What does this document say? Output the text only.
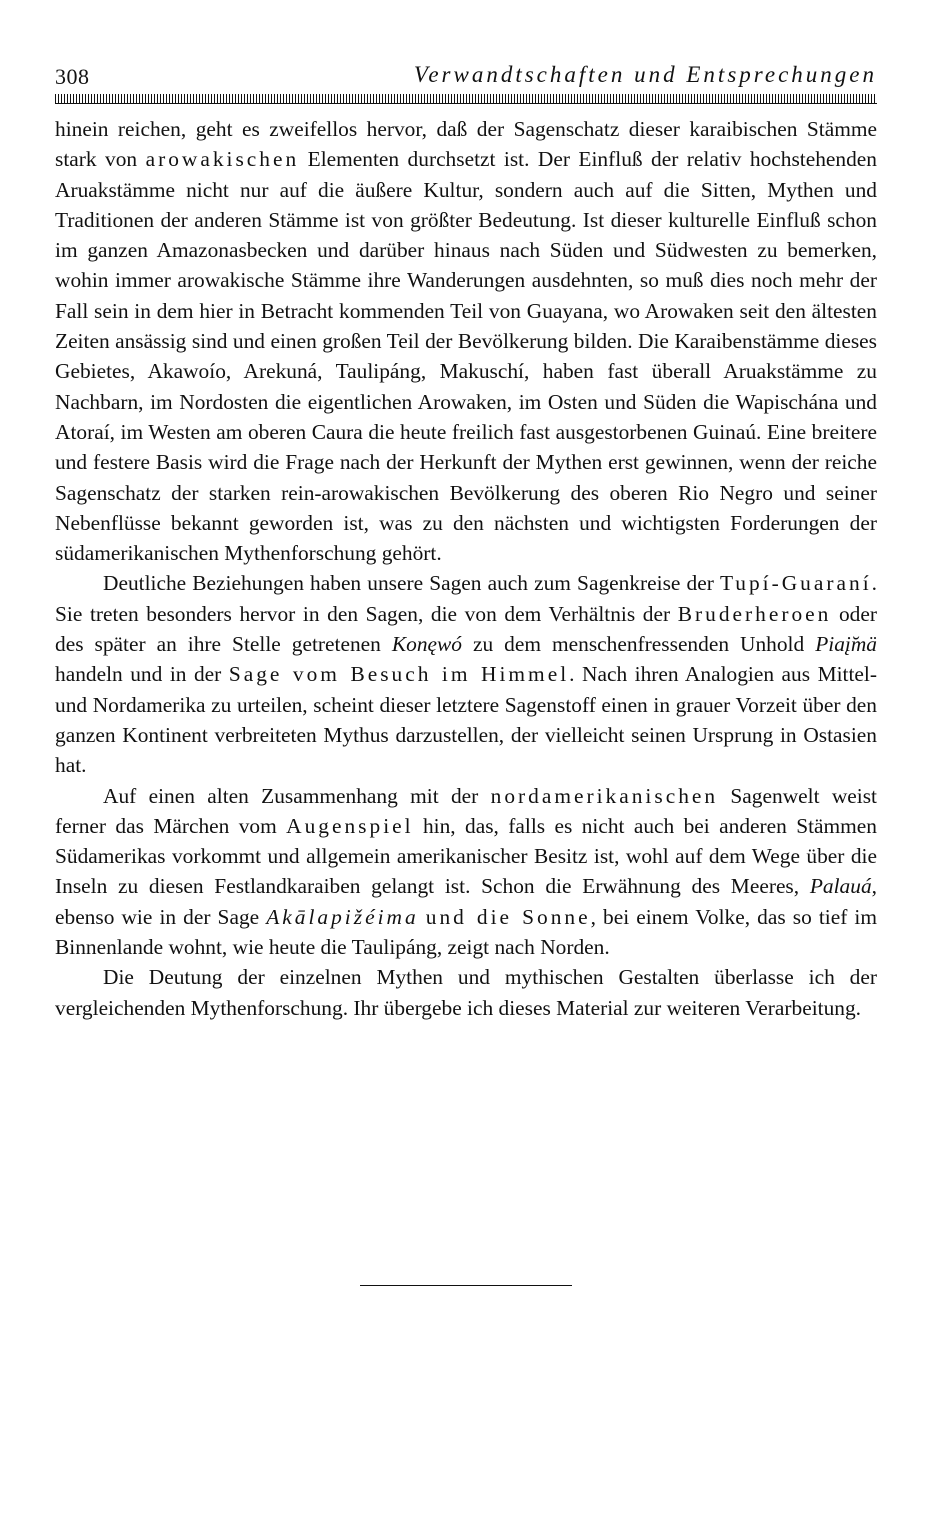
308	Verwandtschaften und Entsprechungen

hinein reichen, geht es zweifellos hervor, daß der Sagenschatz dieser karaibischen Stämme stark von arowakischen Elementen durchsetzt ist. Der Einfluß der relativ hochstehenden Aruakstämme nicht nur auf die äußere Kultur, sondern auch auf die Sitten, Mythen und Traditionen der anderen Stämme ist von größter Bedeutung. Ist dieser kulturelle Einfluß schon im ganzen Amazonasbecken und darüber hinaus nach Süden und Südwesten zu bemerken, wohin immer arowakische Stämme ihre Wanderungen ausdehnten, so muß dies noch mehr der Fall sein in dem hier in Betracht kommenden Teil von Guayana, wo Arowaken seit den ältesten Zeiten ansässig sind und einen großen Teil der Bevölkerung bilden. Die Karaibenstämme dieses Gebietes, Akawoío, Arekuná, Taulipáng, Makuschí, haben fast überall Aruakstämme zu Nachbarn, im Nordosten die eigentlichen Arowaken, im Osten und Süden die Wapischána und Atoraí, im Westen am oberen Caura die heute freilich fast ausgestorbenen Guinaú. Eine breitere und festere Basis wird die Frage nach der Herkunft der Mythen erst gewinnen, wenn der reiche Sagenschatz der starken rein-arowakischen Bevölkerung des oberen Rio Negro und seiner Nebenflüsse bekannt geworden ist, was zu den nächsten und wichtigsten Forderungen der südamerikanischen Mythenforschung gehört.

Deutliche Beziehungen haben unsere Sagen auch zum Sagenkreise der Tupí-Guaraní. Sie treten besonders hervor in den Sagen, die von dem Verhältnis der Bruderheroen oder des später an ihre Stelle getretenen Konęwó zu dem menschenfressenden Unhold Piaį̆mä handeln und in der Sage vom Besuch im Himmel. Nach ihren Analogien aus Mittel- und Nordamerika zu urteilen, scheint dieser letztere Sagenstoff einen in grauer Vorzeit über den ganzen Kontinent verbreiteten Mythus darzustellen, der vielleicht seinen Ursprung in Ostasien hat.

Auf einen alten Zusammenhang mit der nordamerikanischen Sagenwelt weist ferner das Märchen vom Augenspiel hin, das, falls es nicht auch bei anderen Stämmen Südamerikas vorkommt und allgemein amerikanischer Besitz ist, wohl auf dem Wege über die Inseln zu diesen Festlandkaraiben gelangt ist. Schon die Erwähnung des Meeres, Palauá, ebenso wie in der Sage Akālapižéima und die Sonne, bei einem Volke, das so tief im Binnenlande wohnt, wie heute die Taulipáng, zeigt nach Norden.

Die Deutung der einzelnen Mythen und mythischen Gestalten überlasse ich der vergleichenden Mythenforschung. Ihr übergebe ich dieses Material zur weiteren Verarbeitung.
